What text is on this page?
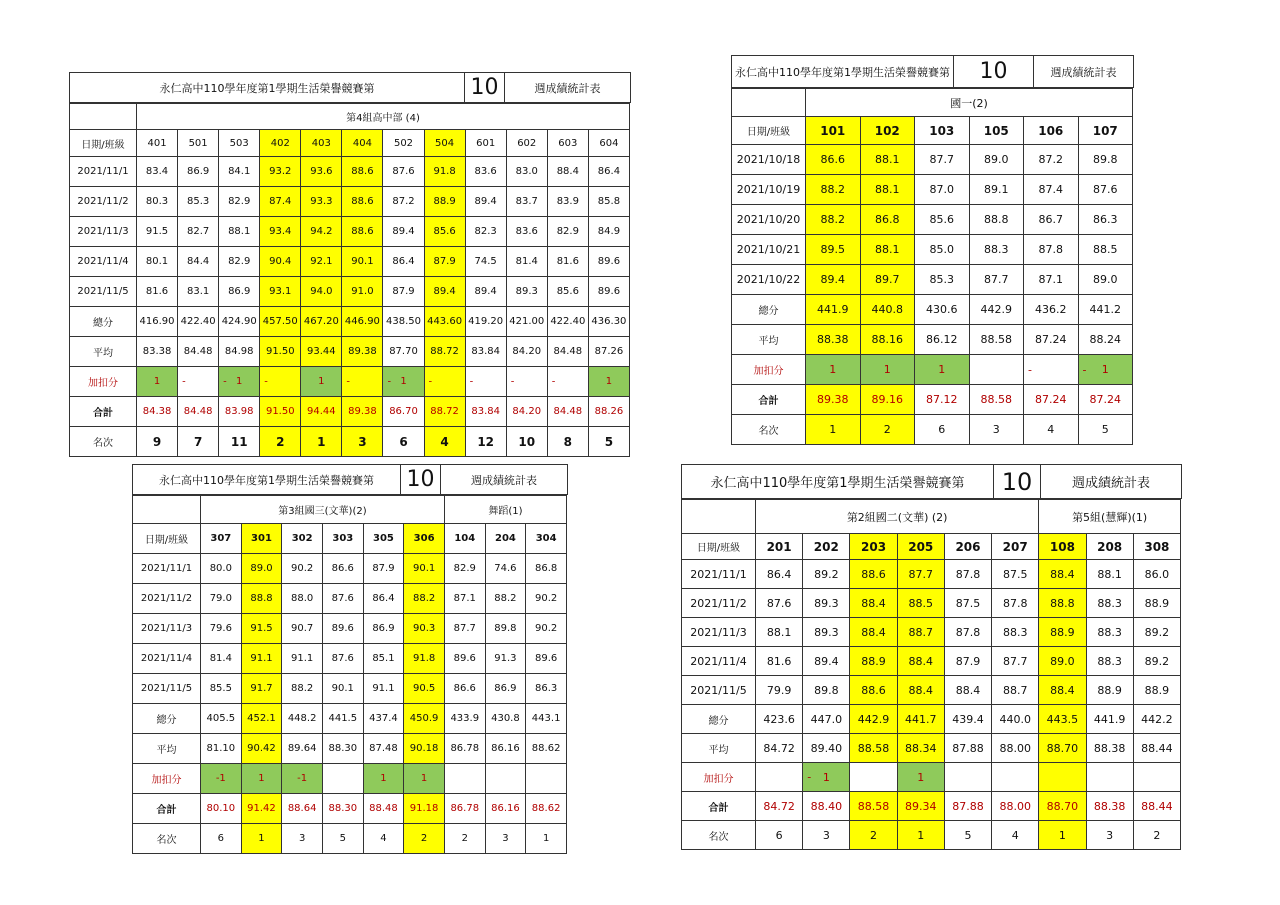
永仁高中110學年度第1學期生活榮譽競賽第	10	週成績統計表
	第4組高中部 (4)											
日期/班級	401	501	503	402	403	404	502	504	601	602	603	604
2021/11/1	83.4	86.9	84.1	93.2	93.6	88.6	87.6	91.8	83.6	83.0	88.4	86.4
2021/11/2	80.3	85.3	82.9	87.4	93.3	88.6	87.2	88.9	89.4	83.7	83.9	85.8
2021/11/3	91.5	82.7	88.1	93.4	94.2	88.6	89.4	85.6	82.3	83.6	82.9	84.9
2021/11/4	80.1	84.4	82.9	90.4	92.1	90.1	86.4	87.9	74.5	81.4	81.6	89.6
2021/11/5	81.6	83.1	86.9	93.1	94.0	91.0	87.9	89.4	89.4	89.3	85.6	89.6
總分	416.90	422.40	424.90	457.50	467.20	446.90	438.50	443.60	419.20	421.00	422.40	436.30
平均	83.38	84.48	84.98	91.50	93.44	89.38	87.70	88.72	83.84	84.20	84.48	87.26
加扣分	1	-	- 1	-	1	-	- 1	-	-	-	-	1
合計	84.38	84.48	83.98	91.50	94.44	89.38	86.70	88.72	83.84	84.20	84.48	88.26
名次	9	7	11	2	1	3	6	4	12	10	8	5
永仁高中110學年度第1學期生活榮譽競賽第	10	週成績統計表
	國一(2)					
日期/班級	101	102	103	105	106	107
2021/10/18	86.6	88.1	87.7	89.0	87.2	89.8
2021/10/19	88.2	88.1	87.0	89.1	87.4	87.6
2021/10/20	88.2	86.8	85.6	88.8	86.7	86.3
2021/10/21	89.5	88.1	85.0	88.3	87.8	88.5
2021/10/22	89.4	89.7	85.3	87.7	87.1	89.0
總分	441.9	440.8	430.6	442.9	436.2	441.2
平均	88.38	88.16	86.12	88.58	87.24	88.24
加扣分	1	1	1		-	- 1
合計	89.38	89.16	87.12	88.58	87.24	87.24
名次	1	2	6	3	4	5
永仁高中110學年度第1學期生活榮譽競賽第	10	週成績統計表
	第3組國三(文華)(2)						舞蹈(1)		
日期/班級	307	301	302	303	305	306	104	204	304
2021/11/1	80.0	89.0	90.2	86.6	87.9	90.1	82.9	74.6	86.8
2021/11/2	79.0	88.8	88.0	87.6	86.4	88.2	87.1	88.2	90.2
2021/11/3	79.6	91.5	90.7	89.6	86.9	90.3	87.7	89.8	90.2
2021/11/4	81.4	91.1	91.1	87.6	85.1	91.8	89.6	91.3	89.6
2021/11/5	85.5	91.7	88.2	90.1	91.1	90.5	86.6	86.9	86.3
總分	405.5	452.1	448.2	441.5	437.4	450.9	433.9	430.8	443.1
平均	81.10	90.42	89.64	88.30	87.48	90.18	86.78	86.16	88.62
加扣分	-1	1	-1		1	1			
合計	80.10	91.42	88.64	88.30	88.48	91.18	86.78	86.16	88.62
名次	6	1	3	5	4	2	2	3	1
永仁高中110學年度第1學期生活榮譽競賽第	10	週成績統計表
	第2組國二(文華) (2)						第5組(慧輝)(1)		
日期/班級	201	202	203	205	206	207	108	208	308
2021/11/1	86.4	89.2	88.6	87.7	87.8	87.5	88.4	88.1	86.0
2021/11/2	87.6	89.3	88.4	88.5	87.5	87.8	88.8	88.3	88.9
2021/11/3	88.1	89.3	88.4	88.7	87.8	88.3	88.9	88.3	89.2
2021/11/4	81.6	89.4	88.9	88.4	87.9	87.7	89.0	88.3	89.2
2021/11/5	79.9	89.8	88.6	88.4	88.4	88.7	88.4	88.9	88.9
總分	423.6	447.0	442.9	441.7	439.4	440.0	443.5	441.9	442.2
平均	84.72	89.40	88.58	88.34	87.88	88.00	88.70	88.38	88.44
加扣分		- 1		1					
合計	84.72	88.40	88.58	89.34	87.88	88.00	88.70	88.38	88.44
名次	6	3	2	1	5	4	1	3	2
